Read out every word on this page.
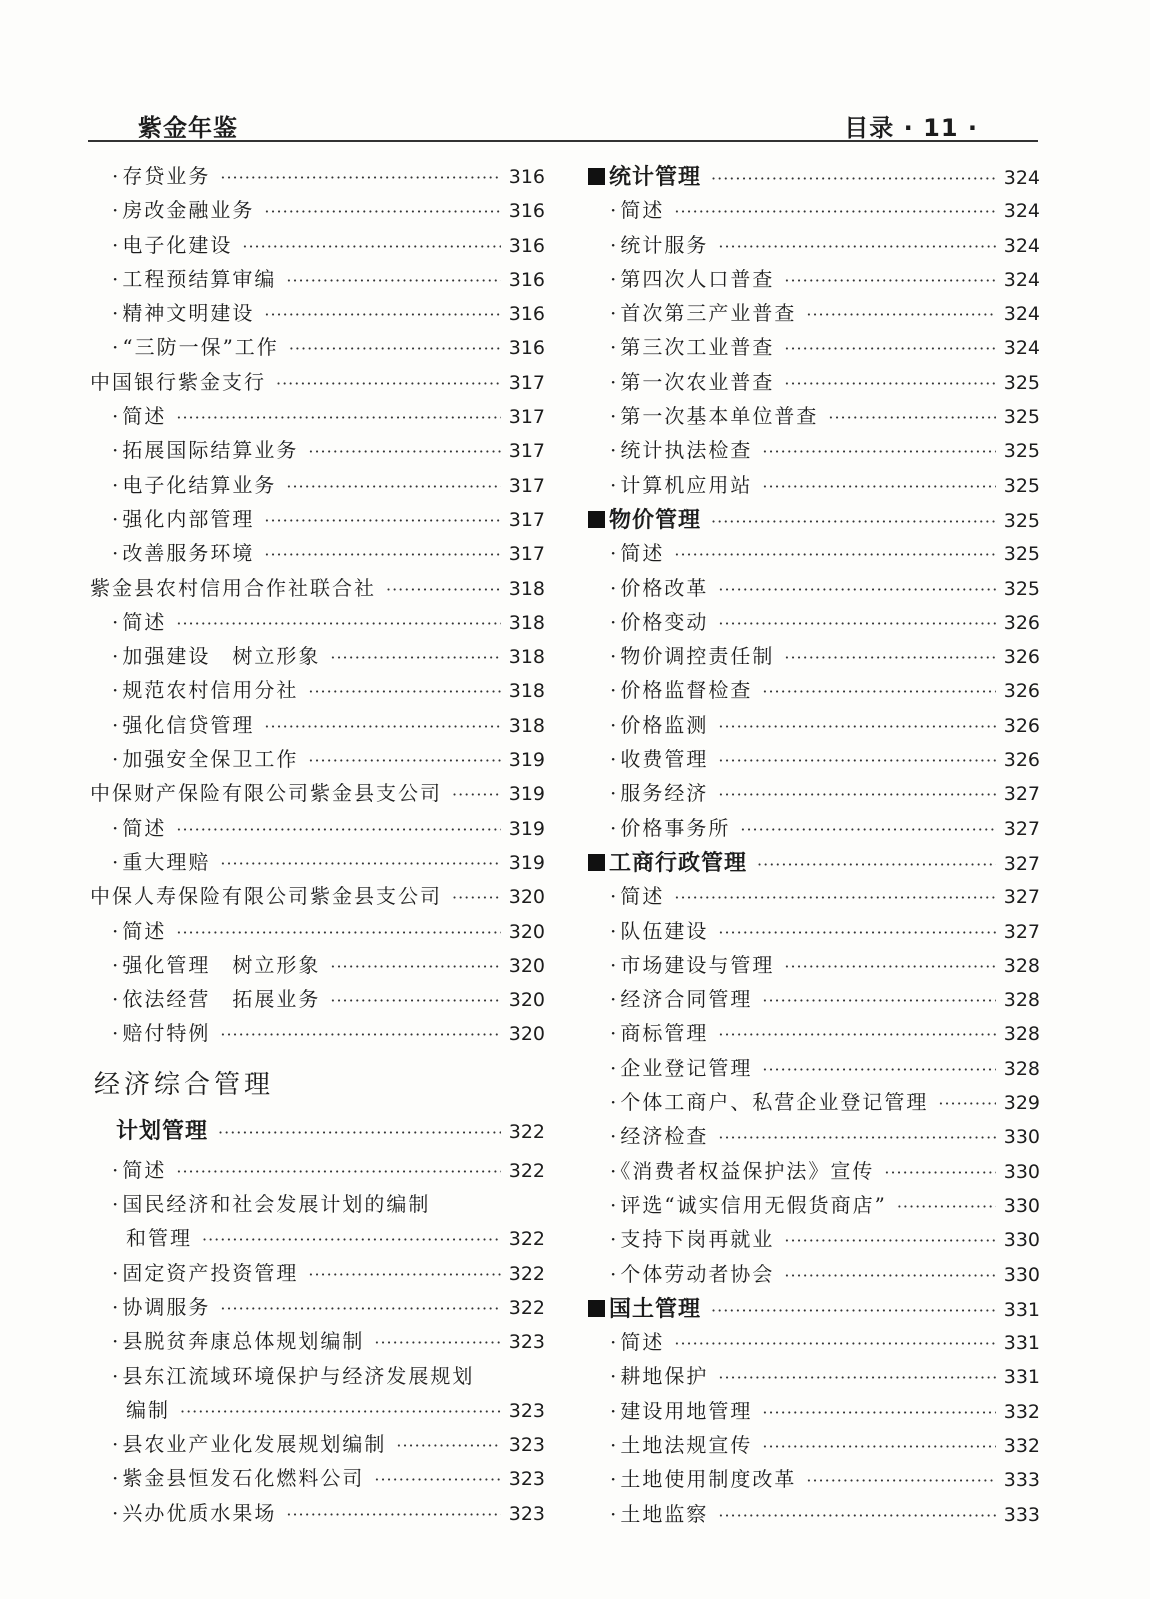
紫金年鉴	目录 · 11 ·
· 存贷业务 ·····	316
· 房改金融业务 ·····	316
· 电子化建设 ·····	316
· 工程预结算审编 ·····	316
· 精神文明建设 ·····	316
· “三防一保”工作 ·····	316
中国银行紫金支行 ·····	317
· 简述 ·····	317
· 拓展国际结算业务 ·····	317
· 电子化结算业务 ·····	317
· 强化内部管理 ·····	317
· 改善服务环境 ·····	317
紫金县农村信用合作社联合社 ·····	318
· 简述 ·····	318
· 加强建设　树立形象 ·····	318
· 规范农村信用分社 ·····	318
· 强化信贷管理 ·····	318
· 加强安全保卫工作 ·····	319
中保财产保险有限公司紫金县支公司 ·····	319
· 简述 ·····	319
· 重大理赔 ·····	319
中保人寿保险有限公司紫金县支公司 ·····	320
· 简述 ·····	320
· 强化管理　树立形象 ·····	320
· 依法经营　拓展业务 ·····	320
· 赔付特例 ·····	320
经济综合管理
计划管理 ·····	322
· 简述 ·····	322
· 国民经济和社会发展计划的编制
和管理 ·····	322
· 固定资产投资管理 ·····	322
· 协调服务 ·····	322
· 县脱贫奔康总体规划编制 ·····	323
· 县东江流域环境保护与经济发展规划
编制 ·····	323
· 县农业产业化发展规划编制 ·····	323
· 紫金县恒发石化燃料公司 ·····	323
· 兴办优质水果场 ·····	323
统计管理 ·····	324
· 简述 ·····	324
· 统计服务 ·····	324
· 第四次人口普查 ·····	324
· 首次第三产业普查 ·····	324
· 第三次工业普查 ·····	324
· 第一次农业普查 ·····	325
· 第一次基本单位普查 ·····	325
· 统计执法检查 ·····	325
· 计算机应用站 ·····	325
物价管理 ·····	325
· 简述 ·····	325
· 价格改革 ·····	325
· 价格变动 ·····	326
· 物价调控责任制 ·····	326
· 价格监督检查 ·····	326
· 价格监测 ·····	326
· 收费管理 ·····	326
· 服务经济 ·····	327
· 价格事务所 ·····	327
工商行政管理 ·····	327
· 简述 ·····	327
· 队伍建设 ·····	327
· 市场建设与管理 ·····	328
· 经济合同管理 ·····	328
· 商标管理 ·····	328
· 企业登记管理 ·····	328
· 个体工商户、私营企业登记管理 ·····	329
· 经济检查 ·····	330
· 《消费者权益保护法》宣传 ·····	330
· 评选“诚实信用无假货商店” ·····	330
· 支持下岗再就业 ·····	330
· 个体劳动者协会 ·····	330
国土管理 ·····	331
· 简述 ·····	331
· 耕地保护 ·····	331
· 建设用地管理 ·····	332
· 土地法规宣传 ·····	332
· 土地使用制度改革 ·····	333
· 土地监察 ·····	333
